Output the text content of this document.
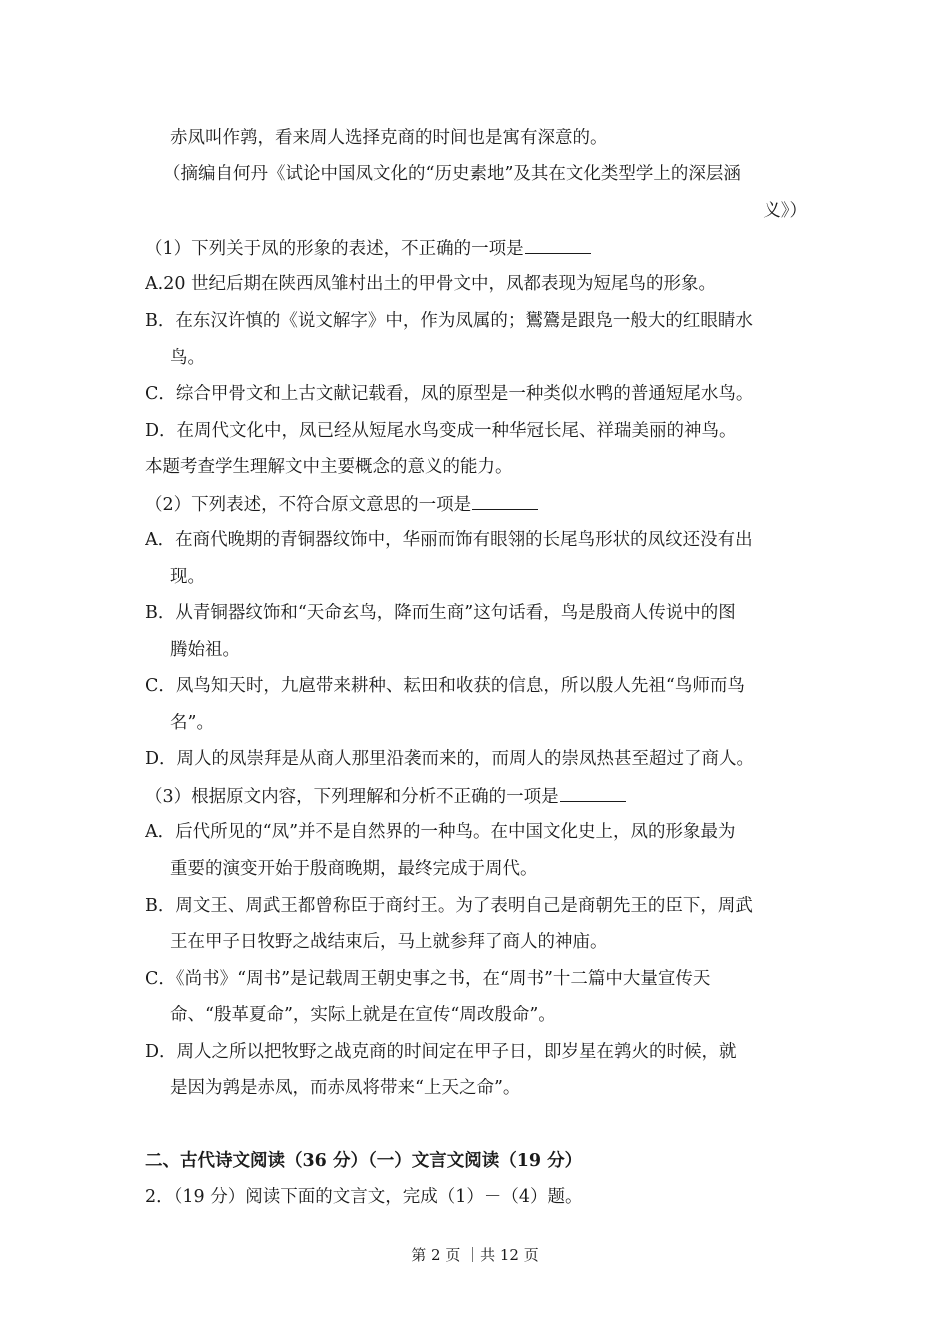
赤凤叫作鹑，看来周人选择克商的时间也是寓有深意的。
（摘编自何丹《试论中国凤文化的“历史素地”及其在文化类型学上的深层涵
义》）
（1）下列关于凤的形象的表述，不正确的一项是
A.20 世纪后期在陕西凤雏村出土的甲骨文中，凤都表现为短尾鸟的形象。
B．在东汉许慎的《说文解字》中，作为凤属的；鸑鷟是跟凫一般大的红眼睛水
鸟。
C．综合甲骨文和上古文献记载看，凤的原型是一种类似水鸭的普通短尾水鸟。
D．在周代文化中，凤已经从短尾水鸟变成一种华冠长尾、祥瑞美丽的神鸟。
本题考查学生理解文中主要概念的意义的能力。
（2）下列表述，不符合原文意思的一项是
A．在商代晚期的青铜器纹饰中，华丽而饰有眼翎的长尾鸟形状的凤纹还没有出
现。
B．从青铜器纹饰和“天命玄鸟，降而生商”这句话看，鸟是殷商人传说中的图
腾始祖。
C．凤鸟知天时，九扈带来耕种、耘田和收获的信息，所以殷人先祖“鸟师而鸟
名”。
D．周人的凤崇拜是从商人那里沿袭而来的，而周人的崇凤热甚至超过了商人。
（3）根据原文内容，下列理解和分析不正确的一项是
A．后代所见的“凤”并不是自然界的一种鸟。在中国文化史上，凤的形象最为
重要的演变开始于殷商晚期，最终完成于周代。
B．周文王、周武王都曾称臣于商纣王。为了表明自己是商朝先王的臣下，周武
王在甲子日牧野之战结束后，马上就参拜了商人的神庙。
C．《尚书》“周书”是记载周王朝史事之书，在“周书”十二篇中大量宣传天
命、“殷革夏命”，实际上就是在宣传“周改殷命”。
D．周人之所以把牧野之战克商的时间定在甲子日，即岁星在鹑火的时候，就
是因为鹑是赤凤，而赤凤将带来“上天之命”。
二、古代诗文阅读（36 分）（一）文言文阅读（19 分）
2．（19 分）阅读下面的文言文，完成（1）－（4）题。
第 2 页 ｜共 12 页
